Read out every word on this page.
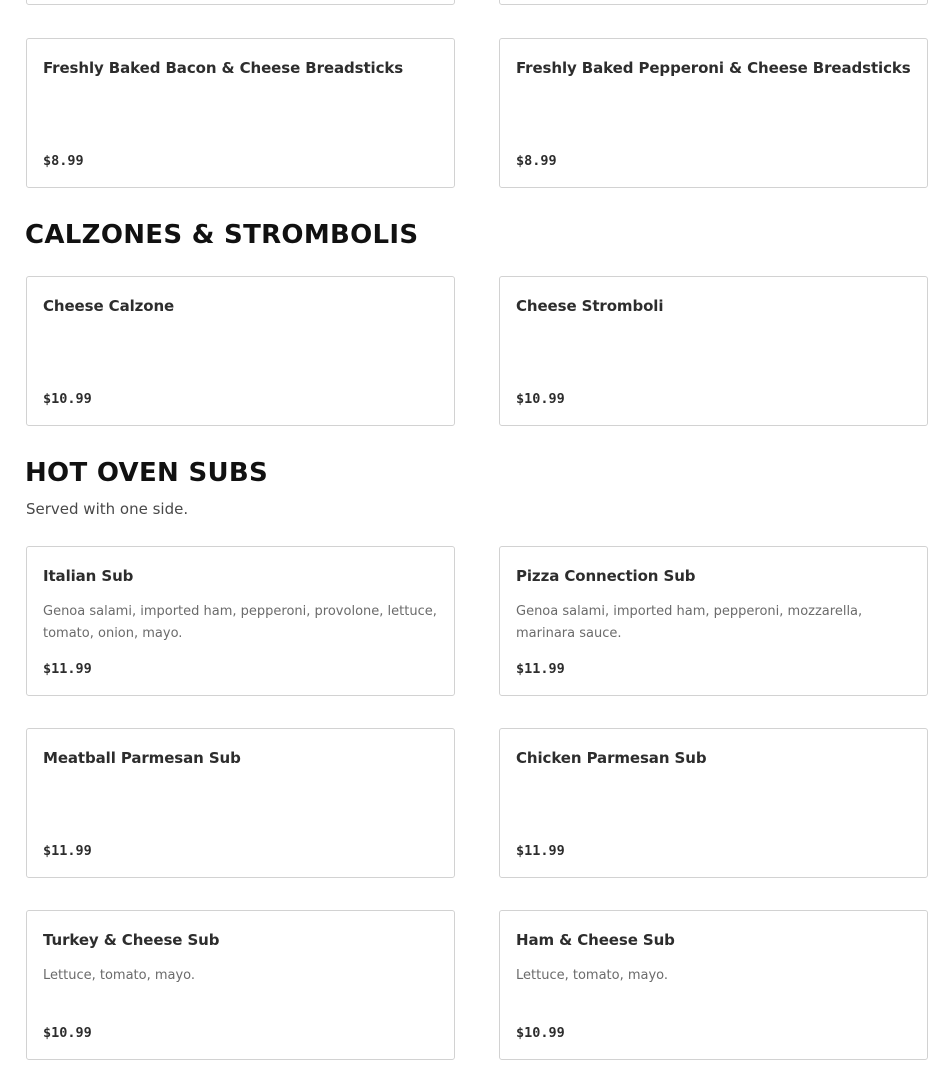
Freshly Baked Bacon & Cheese Breadsticks
$8.99
Freshly Baked Pepperoni & Cheese Breadsticks
$8.99
CALZONES & STROMBOLIS
Cheese Calzone
$10.99
Cheese Stromboli
$10.99
HOT OVEN SUBS
Served with one side.
Italian Sub
Genoa salami, imported ham, pepperoni, provolone, lettuce, tomato, onion, mayo.
$11.99
Pizza Connection Sub
Genoa salami, imported ham, pepperoni, mozzarella, marinara sauce.
$11.99
Meatball Parmesan Sub
$11.99
Chicken Parmesan Sub
$11.99
Turkey & Cheese Sub
Lettuce, tomato, mayo.
$10.99
Ham & Cheese Sub
Lettuce, tomato, mayo.
$10.99
